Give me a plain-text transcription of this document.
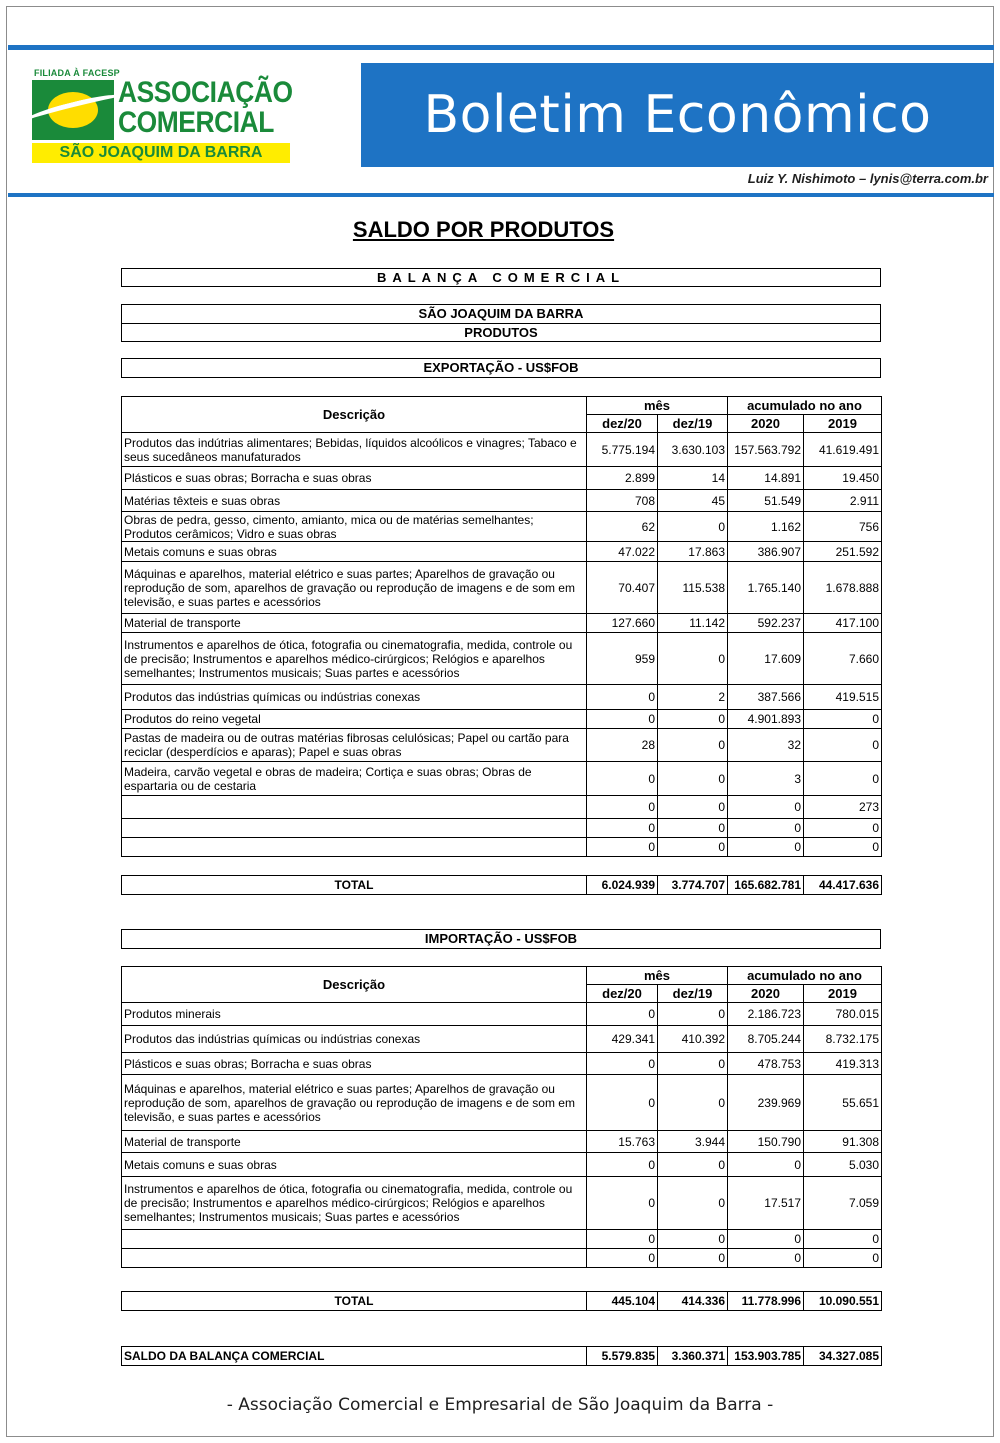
FILIADA À FACESP
ASSOCIAÇÃO
COMERCIAL
SÃO JOAQUIM DA BARRA
Boletim Econômico
Luiz Y. Nishimoto – lynis@terra.com.br
SALDO POR PRODUTOS
BALANÇA COMERCIAL
SÃO JOAQUIM DA BARRA
PRODUTOS
EXPORTAÇÃO - US$FOB
Descrição	mês		acumulado no ano	
	dez/20	dez/19	2020	2019
Produtos das indútrias alimentares; Bebidas, líquidos alcoólicos e vinagres; Tabaco e seus sucedâneos manufaturados	5.775.194	3.630.103	157.563.792	41.619.491
Plásticos e suas obras; Borracha e suas obras	2.899	14	14.891	19.450
Matérias têxteis e suas obras	708	45	51.549	2.911
Obras de pedra, gesso, cimento, amianto, mica ou de matérias semelhantes; Produtos cerâmicos; Vidro e suas obras	62	0	1.162	756
Metais comuns e suas obras	47.022	17.863	386.907	251.592
Máquinas e aparelhos, material elétrico e suas partes; Aparelhos de gravação ou reprodução de som, aparelhos de gravação ou reprodução de imagens e de som em televisão, e suas partes e acessórios	70.407	115.538	1.765.140	1.678.888
Material de transporte	127.660	11.142	592.237	417.100
Instrumentos e aparelhos de ótica, fotografia ou cinematografia, medida, controle ou de precisão; Instrumentos e aparelhos médico-cirúrgicos; Relógios e aparelhos semelhantes; Instrumentos musicais; Suas partes e acessórios	959	0	17.609	7.660
Produtos das indústrias químicas ou indústrias conexas	0	2	387.566	419.515
Produtos do reino vegetal	0	0	4.901.893	0
Pastas de madeira ou de outras matérias fibrosas celulósicas; Papel ou cartão para reciclar (desperdícios e aparas); Papel e suas obras	28	0	32	0
Madeira, carvão vegetal e obras de madeira; Cortiça e suas obras; Obras de espartaria ou de cestaria	0	0	3	0
	0	0	0	273
	0	0	0	0
	0	0	0	0
TOTAL	6.024.939	3.774.707	165.682.781	44.417.636
IMPORTAÇÃO - US$FOB
Descrição	mês		acumulado no ano	
	dez/20	dez/19	2020	2019
Produtos minerais	0	0	2.186.723	780.015
Produtos das indústrias químicas ou indústrias conexas	429.341	410.392	8.705.244	8.732.175
Plásticos e suas obras; Borracha e suas obras	0	0	478.753	419.313
Máquinas e aparelhos, material elétrico e suas partes; Aparelhos de gravação ou reprodução de som, aparelhos de gravação ou reprodução de imagens e de som em televisão, e suas partes e acessórios	0	0	239.969	55.651
Material de transporte	15.763	3.944	150.790	91.308
Metais comuns e suas obras	0	0	0	5.030
Instrumentos e aparelhos de ótica, fotografia ou cinematografia, medida, controle ou de precisão; Instrumentos e aparelhos médico-cirúrgicos; Relógios e aparelhos semelhantes; Instrumentos musicais; Suas partes e acessórios	0	0	17.517	7.059
	0	0	0	0
	0	0	0	0
TOTAL	445.104	414.336	11.778.996	10.090.551
SALDO DA BALANÇA COMERCIAL	5.579.835	3.360.371	153.903.785	34.327.085
- Associação Comercial e Empresarial de São Joaquim da Barra -
